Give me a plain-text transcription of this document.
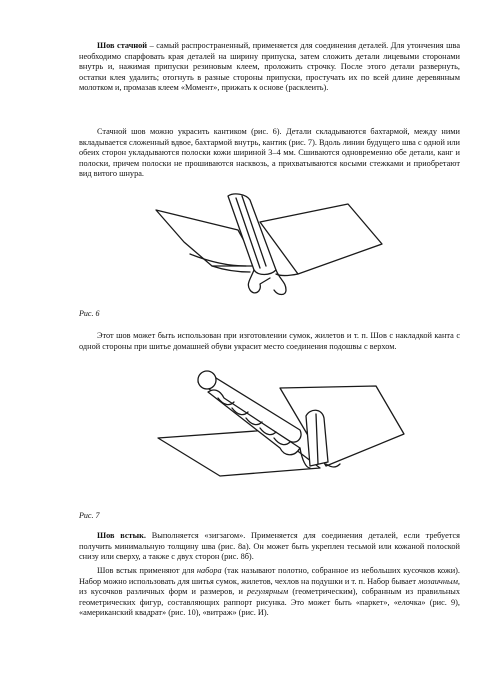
Шов стачной – самый распространенный, применяется для соединения деталей. Для утончения шва необходимо спарфовать края деталей на ширину припуска, затем сложить детали лицевыми сторонами внутрь и, нажимая припуски резиновым клеем, проложить строчку. После этого детали развернуть, остатки клея удалить; отогнуть в разные стороны припуски, простучать их по всей длине деревянным молотком и, промазав клеем «Момент», прижать к основе (расклеить).

Стачной шов можно украсить кантиком (рис. 6). Детали складываются бахтармой, между ними вкладывается сложенный вдвое, бахтармой внутрь, кантик (рис. 7). Вдоль линии будущего шва с одной или обеих сторон укладываются полоски кожи шириной 3–4 мм. Сшиваются одновременно обе детали, канг и полоски, причем полоски не прошиваются насквозь, а прихватываются косыми стежками и приобретают вид витого шнура.

Рис. 6

Этот шов может быть использован при изготовлении сумок, жилетов и т. п. Шов с накладкой канта с одной стороны при шитье домашней обуви украсит место соединения подошвы с верхом.

Рис. 7

Шов встык. Выполняется «зигзагом». Применяется для соединения деталей, если требуется получить минимальную толщину шва (рис. 8а). Он может быть укреплен тесьмой или кожаной полоской снизу или сверху, а также с двух сторон (рис. 8б).

Шов встык применяют для набора (так называют полотно, собранное из небольших кусочков кожи). Набор можно использовать для шитья сумок, жилетов, чехлов на подушки и т. п. Набор бывает мозаичным, из кусочков различных форм и размеров, и регулярным (геометрическим), собранным из правильных геометрических фигур, составляющих раппорт рисунка. Это может быть «паркет», «елочка» (рис. 9), «американский квадрат» (рис. 10), «витраж» (рис. И).
